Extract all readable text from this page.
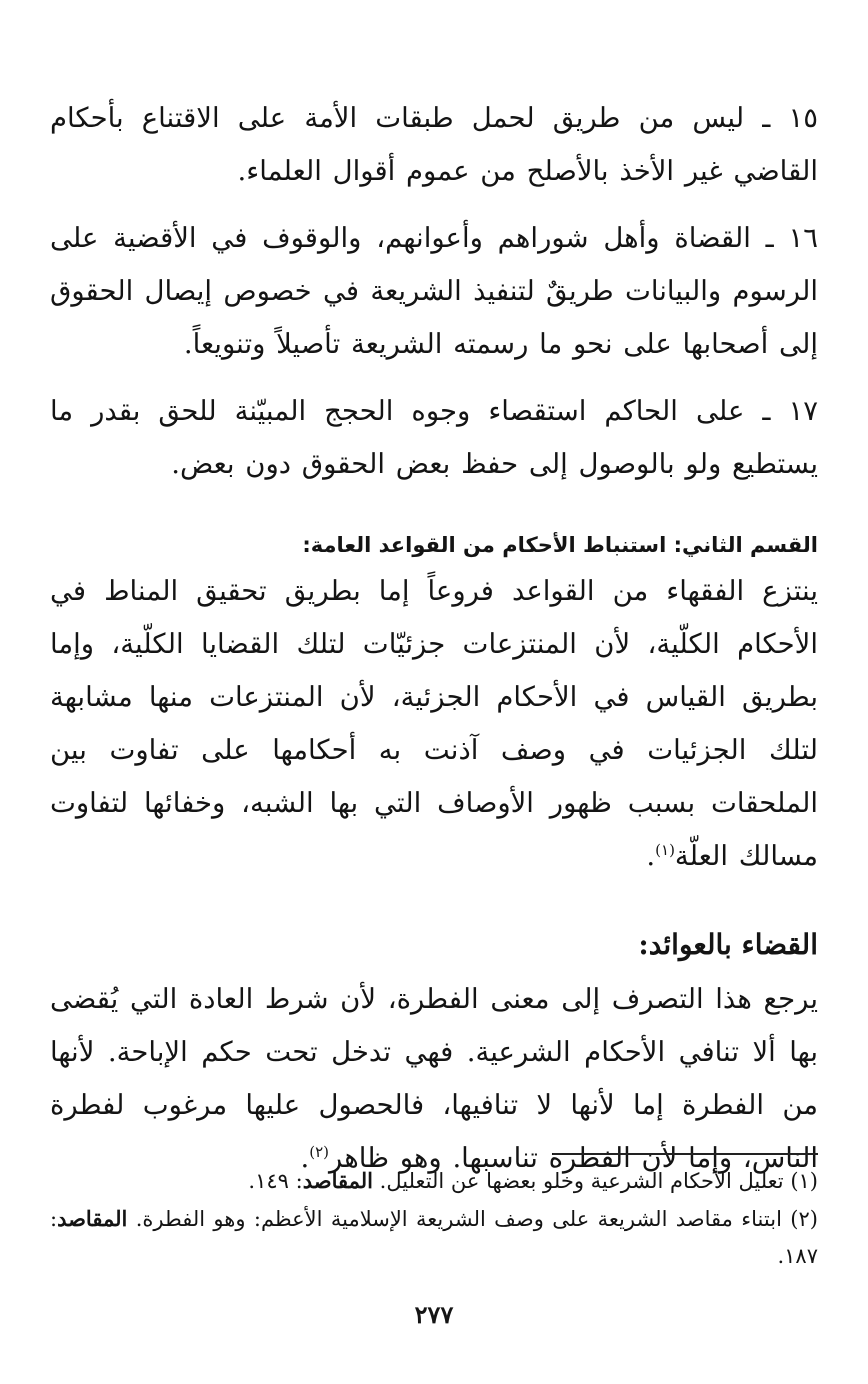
١٥ ـ ليس من طريق لحمل طبقات الأمة على الاقتناع بأحكام القاضي غير الأخذ بالأصلح من عموم أقوال العلماء.

١٦ ـ القضاة وأهل شوراهم وأعوانهم، والوقوف في الأقضية على الرسوم والبيانات طريقٌ لتنفيذ الشريعة في خصوص إيصال الحقوق إلى أصحابها على نحو ما رسمته الشريعة تأصيلاً وتنويعاً.

١٧ ـ على الحاكم استقصاء وجوه الحجج المبيّنة للحق بقدر ما يستطيع ولو بالوصول إلى حفظ بعض الحقوق دون بعض.

القسم الثاني: استنباط الأحكام من القواعد العامة:

ينتزع الفقهاء من القواعد فروعاً إما بطريق تحقيق المناط في الأحكام الكلّية، لأن المنتزعات جزئيّات لتلك القضايا الكلّية، وإما بطريق القياس في الأحكام الجزئية، لأن المنتزعات منها مشابهة لتلك الجزئيات في وصف آذنت به أحكامها على تفاوت بين الملحقات بسبب ظهور الأوصاف التي بها الشبه، وخفائها لتفاوت مسالك العلّة$^{(١)}$.

القضاء بالعوائد:

يرجع هذا التصرف إلى معنى الفطرة، لأن شرط العادة التي يُقضى بها ألا تنافي الأحكام الشرعية. فهي تدخل تحت حكم الإباحة. لأنها من الفطرة إما لأنها لا تنافيها، فالحصول عليها مرغوب لفطرة الناس، وإما لأن الفطرة تناسبها. وهو ظاهر$^{(٢)}$.

(١) تعليل الأحكام الشرعية وخلو بعضها عن التعليل. المقاصد: ١٤٩.

(٢) ابتناء مقاصد الشريعة على وصف الشريعة الإسلامية الأعظم: وهو الفطرة. المقاصد: ١٨٧.

٢٧٧
